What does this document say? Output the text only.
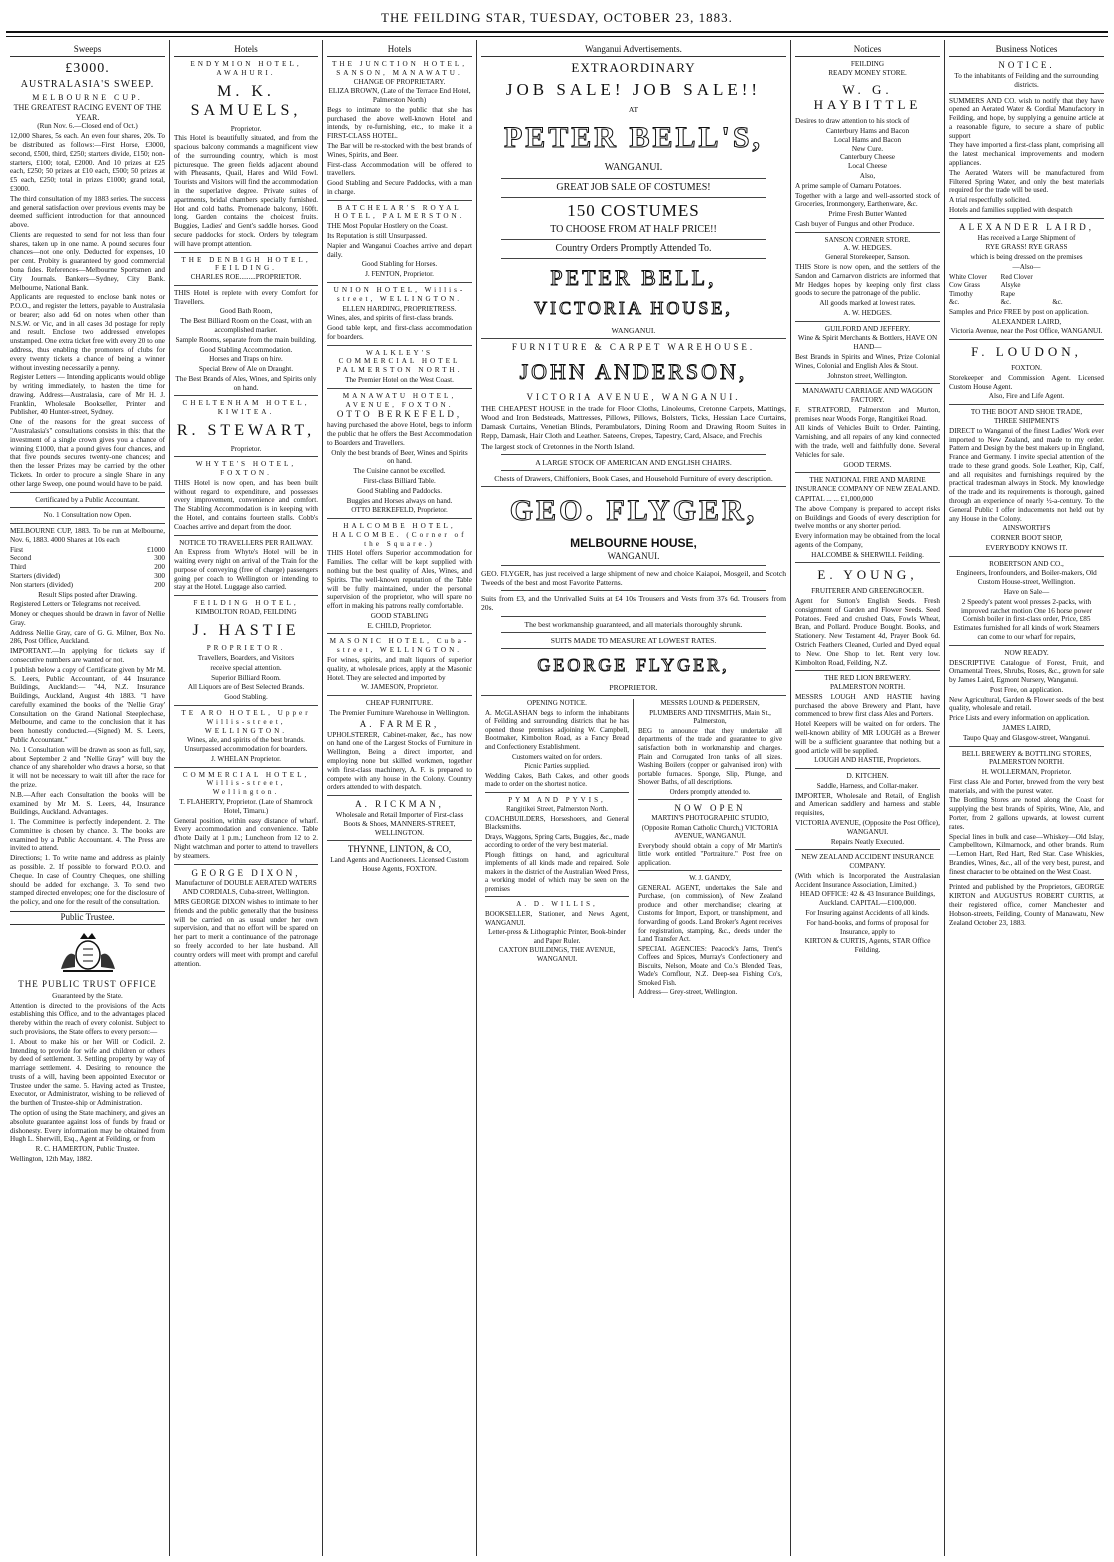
THE FEILDING STAR, TUESDAY, OCTOBER 23, 1883.
Sweeps
£3000.
AUSTRALASIA'S SWEEP.
MELBOURNE CUP.
THE GREATEST RACING EVENT OF THE YEAR.
(Run Nov. 6.—Closed end of Oct.)

12,000 Shares, 5s each. An even four shares, 20s. To be distributed as follows:—First Horse, £3000, second, £500, third, £250; starters divide, £150; non-starters, £100; total, £2000. And 10 prizes at £25 each, £250; 50 prizes at £10 each, £500; 50 prizes at £5 each, £250; total in prizes £1000; grand total, £3000.

The third consultation of my 1883 series. The success and general satisfaction over previous events may be deemed sufficient introduction for that announced above.

Clients are requested to send for not less than four shares, taken up in one name. A pound secures four chances—not one only. Deducted for expenses, 10 per cent. Probity is guaranteed by good commercial bona fides. References—Melbourne Sportsmen and City Journals. Bankers—Sydney, City Bank. Melbourne, National Bank.

Applicants are requested to enclose bank notes or P.O.O., and register the letters, payable to Australasia or bearer; also add 6d on notes when other than N.S.W. or Vic, and in all cases 3d postage for reply and result. Enclose two addressed envelopes unstamped. One extra ticket free with every 20 to one address, thus enabling the promoters of clubs for every twenty tickets a chance of being a winner without investing necessarily a penny.

Register Letters — Intending applicants would oblige by writing immediately, to hasten the time for drawing. Address—Australasia, care of Mr H. J. Franklin, Wholesale Bookseller, Printer and Publisher, 40 Hunter-street, Sydney.

One of the reasons for the great success of "Australasia's" consultations consists in this: that the investment of a single crown gives you a chance of winning £1000, that a pound gives four chances, and that five pounds secures twenty-one chances; and then the lesser Prizes may be carried by the other Tickets. In order to procure a single Share in any other large Sweep, one pound would have to be paid.

Certificated by a Public Accountant.
No. 1 Consultation now Open.

MELBOURNE CUP, 1883. To be run at Melbourne, Nov. 6, 1883. 4000 Shares at 10s each

First	£1000
Second	300
Third	200
Starters (divided)	300
Non starters (divided)	200

Result Slips posted after Drawing.

Registered Letters or Telegrams not received.

Money or cheques should be drawn in favor of Nellie Gray.

Address Nellie Gray, care of G. G. Milner, Box No. 286, Post Office, Auckland.

IMPORTANT.—In applying for tickets say if consecutive numbers are wanted or not.

I publish below a copy of Certificate given by Mr M. S. Leers, Public Accountant, of 44 Insurance Buildings, Auckland:— "44, N.Z. Insurance Buildings, Auckland, August 4th 1883. "I have carefully examined the books of the 'Nellie Gray' Consultation on the Grand National Steeplechase, Melbourne, and came to the conclusion that it has been honestly conducted.—(Signed) M. S. Leers, Public Accountant."

No. 1 Consultation will be drawn as soon as full, say, about September 2 and "Nellie Gray" will buy the chance of any shareholder who draws a horse, so that it will not be necessary to wait till after the race for the prize.

N.B.—After each Consultation the books will be examined by Mr M. S. Leers, 44, Insurance Buildings, Auckland. Advantages.

1. The Committee is perfectly independent. 2. The Committee is chosen by chance. 3. The books are examined by a Public Accountant. 4. The Press are invited to attend.

Directions; 1. To write name and address as plainly as possible. 2. If possible to forward P.O.O. and Cheque. In case of Country Cheques, one shilling should be added for exchange. 3. To send two stamped directed envelopes; one for the disclosure of the policy, and one for the result of the consultation.

Public Trustee.
THE PUBLIC TRUST OFFICE
Guaranteed by the State.

Attention is directed to the provisions of the Acts establishing this Office, and to the advantages placed thereby within the reach of every colonist. Subject to such provisions, the State offers to every person:—

1. About to make his or her Will or Codicil. 2. Intending to provide for wife and children or others by deed of settlement. 3. Settling property by way of marriage settlement. 4. Desiring to renounce the trusts of a will, having been appointed Executor or Trustee under the same. 5. Having acted as Trustee, Executor, or Administrator, wishing to be relieved of the burthen of Trustee-ship or Administration.

The option of using the State machinery, and gives an absolute guarantee against loss of funds by fraud or dishonesty. Every information may be obtained from Hugh L. Sherwill, Esq., Agent at Feilding, or from

R. C. HAMERTON, Public Trustee.

Wellington, 12th May, 1882.

Hotels
ENDYMION HOTEL, AWAHURI.
M. K. SAMUELS,
Proprietor.

This Hotel is beautifully situated, and from the spacious balcony commands a magnificent view of the surrounding country, which is most picturesque. The green fields adjacent abound with Pheasants, Quail, Hares and Wild Fowl. Tourists and Visitors will find the accommodation in the superlative degree. Private suites of apartments, bridal chambers specially furnished. Hot and cold baths. Promenade balcony, 160ft. long. Garden contains the choicest fruits. Buggies, Ladies' and Gent's saddle horses. Good secure paddocks for stock. Orders by telegram will have prompt attention.

THE DENBIGH HOTEL, FEILDING.
CHARLES ROE.........PROPRIETOR.

THIS Hotel is replete with every Comfort for Travellers.

Good Bath Room,

The Best Billiard Room on the Coast, with an accomplished marker.

Sample Rooms, separate from the main building.

Good Stabling Accommodation.

Horses and Traps on hire.

Special Brew of Ale on Draught.

The Best Brands of Ales, Wines, and Spirits only on hand.

CHELTENHAM HOTEL, KIWITEA.
R. STEWART,
Proprietor.
WHYTE'S HOTEL, FOXTON.

THIS Hotel is now open, and has been built without regard to expenditure, and possesses every improvement, convenience and comfort. The Stabling Accommodation is in keeping with the Hotel, and contains fourteen stalls. Cobb's Coaches arrive and depart from the door.

NOTICE TO TRAVELLERS PER RAILWAY.

An Express from Whyte's Hotel will be in waiting every night on arrival of the Train for the purpose of conveying (free of charge) passengers going per coach to Wellington or intending to stay at the Hotel. Luggage also carried.

FEILDING HOTEL,
KIMBOLTON ROAD, FEILDING
J. HASTIE
PROPRIETOR.

Travellers, Boarders, and Visitors

receive special attention.

Superior Billiard Room.

All Liquors are of Best Selected Brands.

Good Stabling.

TE ARO HOTEL, Upper Willis-street, WELLINGTON.

Wines, ale, and spirits of the best brands. Unsurpassed accommodation for boarders.

J. WHELAN Proprietor.

COMMERCIAL HOTEL, Willis-street, Wellington.

T. FLAHERTY, Proprietor. (Late of Shamrock Hotel, Timaru.)

General position, within easy distance of wharf. Every accommodation and convenience. Table d'hote Daily at 1 p.m.; Luncheon from 12 to 2. Night watchman and porter to attend to travellers by steamers.

GEORGE DIXON,

Manufacturer of DOUBLE AERATED WATERS AND CORDIALS, Cuba-street, Wellington.

MRS GEORGE DIXON wishes to intimate to her friends and the public generally that the business will be carried on as usual under her own supervision, and that no effort will be spared on her part to merit a continuance of the patronage so freely accorded to her late husband. All country orders will meet with prompt and careful attention.

Hotels
THE JUNCTION HOTEL, SANSON, MANAWATU.
CHANGE OF PROPRIETARY.

ELIZA BROWN, (Late of the Terrace End Hotel, Palmerston North)

Begs to intimate to the public that she has purchased the above well-known Hotel and intends, by re-furnishing, etc., to make it a FIRST-CLASS HOTEL.

The Bar will be re-stocked with the best brands of Wines, Spirits, and Beer.

First-class Accommodation will be offered to travellers.

Good Stabling and Secure Paddocks, with a man in charge.

BATCHELAR'S ROYAL HOTEL, PALMERSTON.

THE Most Popular Hostlery on the Coast.

Its Reputation is still Unsurpassed.

Napier and Wanganui Coaches arrive and depart daily.

Good Stabling for Horses.

J. FENTON, Proprietor.

UNION HOTEL, Willis-street, WELLINGTON.

ELLEN HARDING, PROPRIETRESS.

Wines, ales, and spirits of first-class brands.

Good table kept, and first-class accommodation for boarders.

WALKLEY'S COMMERCIAL HOTEL PALMERSTON NORTH.

The Premier Hotel on the West Coast.

MANAWATU HOTEL, AVENUE, FOXTON.
OTTO BERKEFELD,

having purchased the above Hotel, begs to inform the public that he offers the Best Accommodation to Boarders and Travellers.

Only the best brands of Beer, Wines and Spirits on hand.

The Cuisine cannot be excelled.

First-class Billiard Table.

Good Stabling and Paddocks.

Buggies and Horses always on hand.

OTTO BERKEFELD, Proprietor.

HALCOMBE HOTEL, HALCOMBE. (Corner of the Square.)

THIS Hotel offers Superior accommodation for Families. The cellar will be kept supplied with nothing but the best quality of Ales, Wines, and Spirits. The well-known reputation of the Table will be fully maintained, under the personal supervision of the proprietor, who will spare no effort in making his patrons really comfortable.

GOOD STABLING

E. CHILD, Proprietor.

MASONIC HOTEL, Cuba-street, WELLINGTON.

For wines, spirits, and malt liquors of superior quality, at wholesale prices, apply at the Masonic Hotel. They are selected and imported by

W. JAMESON, Proprietor.

CHEAP FURNITURE.

The Premier Furniture Warehouse in Wellington.

A. FARMER,

UPHOLSTERER, Cabinet-maker, &c., has now on hand one of the Largest Stocks of Furniture in Wellington, Being a direct importer, and employing none but skilled workmen, together with first-class machinery, A. F. is prepared to compete with any house in the Colony. Country orders attended to with despatch.

A. RICKMAN,

Wholesale and Retail Importer of First-class Boots & Shoes, MANNERS-STREET, WELLINGTON.

THYNNE, LINTON, & CO,

Land Agents and Auctioneers. Licensed Custom House Agents, FOXTON.

Wanganui Advertisements.
EXTRAORDINARY
JOB SALE! JOB SALE!!
AT
PETER BELL'S,
WANGANUI.
GREAT JOB SALE OF COSTUMES!
150 COSTUMES
TO CHOOSE FROM AT HALF PRICE!!
Country Orders Promptly Attended To.
PETER BELL,
VICTORIA HOUSE,
WANGANUI.
FURNITURE & CARPET WAREHOUSE.
JOHN ANDERSON,
VICTORIA AVENUE, WANGANUI.

THE CHEAPEST HOUSE in the trade for Floor Cloths, Linoleums, Cretonne Carpets, Mattings, Wood and Iron Bedsteads, Mattresses, Pillows, Pillows, Bolsters, Ticks, Hessian Lace Curtains, Damask Curtains, Venetian Blinds, Perambulators, Dining Room and Drawing Room Suites in Repp, Damask, Hair Cloth and Leather. Sateens, Crepes, Tapestry, Card, Alsace, and Frechis

The largest stock of Cretonnes in the North Island.

A LARGE STOCK OF AMERICAN AND ENGLISH CHAIRS.

Chests of Drawers, Chiffoniers, Book Cases, and Household Furniture of every description.

GEO. FLYGER,
MELBOURNE HOUSE,
WANGANUI.

GEO. FLYGER, has just received a large shipment of new and choice Kaiapoi, Mosgeil, and Scotch Tweeds of the best and most Favorite Patterns.

Suits from £3, and the Unrivalled Suits at £4 10s Trousers and Vests from 37s 6d. Trousers from 20s.

The best workmanship guaranteed, and all materials thoroughly shrunk.

SUITS MADE TO MEASURE AT LOWEST RATES.

GEORGE FLYGER,
PROPRIETOR.
OPENING NOTICE.

A. McGLASHAN begs to inform the inhabitants of Feilding and surrounding districts that he has opened those premises adjoining W. Campbell, Bootmaker, Kimbolton Road, as a Fancy Bread and Confectionery Establishment.

Customers waited on for orders.

Picnic Parties supplied.

Wedding Cakes, Bath Cakes, and other goods made to order on the shortest notice.

PYM AND PYVIS,

Rangitikei Street, Palmerston North.

COACHBUILDERS, Horseshoers, and General Blacksmiths.

Drays, Waggons, Spring Carts, Buggies, &c., made according to order of the very best material.

Plough fittings on hand, and agricultural implements of all kinds made and repaired. Sole makers in the district of the Australian Weed Press, a working model of which may be seen on the premises

A. D. WILLIS,

BOOKSELLER, Stationer, and News Agent, WANGANUI.

Letter-press & Lithographic Printer, Book-binder and Paper Ruler.

CAXTON BUILDINGS, THE AVENUE, WANGANUI.

MESSRS LOUND & PEDERSEN,

PLUMBERS AND TINSMITHS, Main St., Palmerston,

BEG to announce that they undertake all departments of the trade and guarantee to give satisfaction both in workmanship and charges. Plain and Corrugated Iron tanks of all sizes. Washing Boilers (copper or galvanised iron) with portable furnaces. Sponge, Slip, Plunge, and Shower Baths, of all descriptions.

Orders promptly attended to.

NOW OPEN
MARTIN'S PHOTOGRAPHIC STUDIO,

(Opposite Roman Catholic Church,) VICTORIA AVENUE, WANGANUI.

Everybody should obtain a copy of Mr Martin's little work entitled "Portraiture." Post free on application.

W. J. GANDY,

GENERAL AGENT, undertakes the Sale and Purchase, (on commission), of New Zealand produce and other merchandise; clearing at Customs for Import, Export, or transhipment, and forwarding of goods. Land Broker's Agent receives for registration, stamping, &c., deeds under the Land Transfer Act.

SPECIAL AGENCIES: Peacock's Jams, Trent's Coffees and Spices, Murray's Confectionery and Biscuits, Nelson, Moate and Co.'s Blended Teas, Wade's Cornflour, N.Z. Deep-sea Fishing Co's, Smoked Fish.

Address— Grey-street, Wellington.

Notices
FEILDING
READY MONEY STORE.
W. G. HAYBITTLE

Desires to draw attention to his stock of

Canterbury Hams and Bacon
Local Hams and Bacon
New Cure.
Canterbury Cheese
Local Cheese

Also,

A prime sample of Oamaru Potatoes.

Together with a large and well-assorted stock of Groceries, Ironmongery, Earthenware, &c.

Prime Fresh Butter Wanted

Cash buyer of Fungus and other Produce.

SANSON CORNER STORE.
A. W. HEDGES.
General Storekeeper, Sanson.

THIS Store is now open, and the settlers of the Sandon and Carnarvon districts are informed that Mr Hedges hopes by keeping only first class goods to secure the patronage of the public.

All goods marked at lowest rates.

A. W. HEDGES.

GUILFORD AND JEFFERY.

Wine & Spirit Merchants & Bottlers, HAVE ON HAND—

Best Brands in Spirits and Wines, Prize Colonial Wines, Colonial and English Ales & Stout.

Johnston street, Wellington.

MANAWATU CARRIAGE AND WAGGON FACTORY.

F. STRATFORD, Palmerston and Murton, premises near Woods Forge, Rangitikei Road.

All kinds of Vehicles Built to Order. Painting, Varnishing, and all repairs of any kind connected with the trade, well and faithfully done. Several Vehicles for sale.

GOOD TERMS.

THE NATIONAL FIRE AND MARINE INSURANCE COMPANY OF NEW ZEALAND.

CAPITAL ... ... £1,000,000

The above Company is prepared to accept risks on Buildings and Goods of every description for twelve months or any shorter period.

Every information may be obtained from the local agents of the Company,

HALCOMBE & SHERWILL Feilding.

E. YOUNG,
FRUITERER AND GREENGROCER.

Agent for Sutton's English Seeds. Fresh consignment of Garden and Flower Seeds. Seed Potatoes. Feed and crushed Oats, Fowls Wheat, Bran, and Pollard. Produce Bought. Books, and Stationery. New Testament 4d, Prayer Book 6d. Ostrich Feathers Cleaned, Curled and Dyed equal to New. One Shop to let. Rent very low. Kimbolton Road, Feilding, N.Z.

THE RED LION BREWERY.
PALMERSTON NORTH.

MESSRS LOUGH AND HASTIE having purchased the above Brewery and Plant, have commenced to brew first class Ales and Porters.

Hotel Keepers will be waited on for orders. The well-known ability of MR LOUGH as a Brewer will be a sufficient guarantee that nothing but a good article will be supplied.

LOUGH AND HASTIE, Proprietors.

D. KITCHEN.

Saddle, Harness, and Collar-maker.

IMPORTER, Wholesale and Retail, of English and American saddlery and harness and stable requisites,

VICTORIA AVENUE, (Opposite the Post Office), WANGANUI.

Repairs Neatly Executed.

NEW ZEALAND ACCIDENT INSURANCE COMPANY.

(With which is Incorporated the Australasian Accident Insurance Association, Limited.)

HEAD OFFICE: 42 & 43 Insurance Buildings, Auckland. CAPITAL—£100,000.

For Insuring against Accidents of all kinds.

For hand-books, and forms of proposal for Insurance, apply to

KIRTON & CURTIS, Agents, STAR Office Feilding.

Business Notices
NOTICE.

To the inhabitants of Feilding and the surrounding districts.

SUMMERS AND CO. wish to notify that they have opened an Aerated Water & Cordial Manufactory in Feilding, and hope, by supplying a genuine article at a reasonable figure, to secure a share of public support

They have imported a first-class plant, comprising all the latest mechanical improvements and modern appliances.

The Aerated Waters will be manufactured from Filtered Spring Water, and only the best materials required for the trade will be used.

A trial respectfully solicited.

Hotels and families supplied with despatch

ALEXANDER LAIRD,

Has received a Large Shipment of

RYE GRASS! RYE GRASS

which is being dressed on the premises

—Also—

White Clover	Red Clover
Cow Grass	Alsyke
Timothy	Rape
&c.	&c.	&c.

Samples and Price FREE by post on application.

ALEXANDER LAIRD,

Victoria Avenue, near the Post Office, WANGANUI.

F. LOUDON,
FOXTON.

Storekeeper and Commission Agent. Licensed Custom House Agent.

Also, Fire and Life Agent.

TO THE BOOT AND SHOE TRADE,
THREE SHIPMENTS

DIRECT to Wanganui of the finest Ladies' Work ever imported to New Zealand, and made to my order. Pattern and Design by the best makers up in England, France and Germany. I invite special attention of the trade to these grand goods. Sole Leather, Kip, Calf, and all requisites and furnishings required by the practical tradesman always in Stock. My knowledge of the trade and its requirements is thorough, gained through an experience of nearly ½-a-century. To the General Public I offer inducements not held out by any House in the Colony.

AINSWORTH'S

CORNER BOOT SHOP,

EVERYBODY KNOWS IT.

ROBERTSON AND CO.,

Engineers, Ironfounders, and Boiler-makers, Old Custom House-street, Wellington.

Have on Sale—

2 Speedy's patent wool presses 2-packs, with improved ratchet motion One 16 horse power Cornish boiler in first-class order, Price, £85 Estimates furnished for all kinds of work Steamers can come to our wharf for repairs,

NOW READY.

DESCRIPTIVE Catalogue of Forest, Fruit, and Ornamental Trees, Shrubs, Roses, &c., grown for sale by James Laird, Egmont Nursery, Wanganui.

Post Free, on application.

New Agricultural, Garden & Flower seeds of the best quality, wholesale and retail.

Price Lists and every information on application.

JAMES LAIRD,

Taupo Quay and Glasgow-street, Wanganui.

BELL BREWERY & BOTTLING STORES,
PALMERSTON NORTH.

H. WOLLERMAN, Proprietor.

First class Ale and Porter, brewed from the very best materials, and with the purest water.

The Bottling Stores are noted along the Coast for supplying the best brands of Spirits, Wine, Ale, and Porter, from 2 gallons upwards, at lowest current rates.

Special lines in bulk and case—Whiskey—Old Islay, Campbelltown, Kilmarnock, and other brands. Rum —Lemon Hart, Red Hart, Red Star. Case Whiskies, Brandies, Wines, &c., all of the very best, purest, and finest character to be obtained on the West Coast.

Printed and published by the Proprietors, GEORGE KIRTON and AUGUSTUS ROBERT CURTIS, at their registered office, corner Manchester and Hobson-streets, Feilding, County of Manawatu, New Zealand October 23, 1883.
